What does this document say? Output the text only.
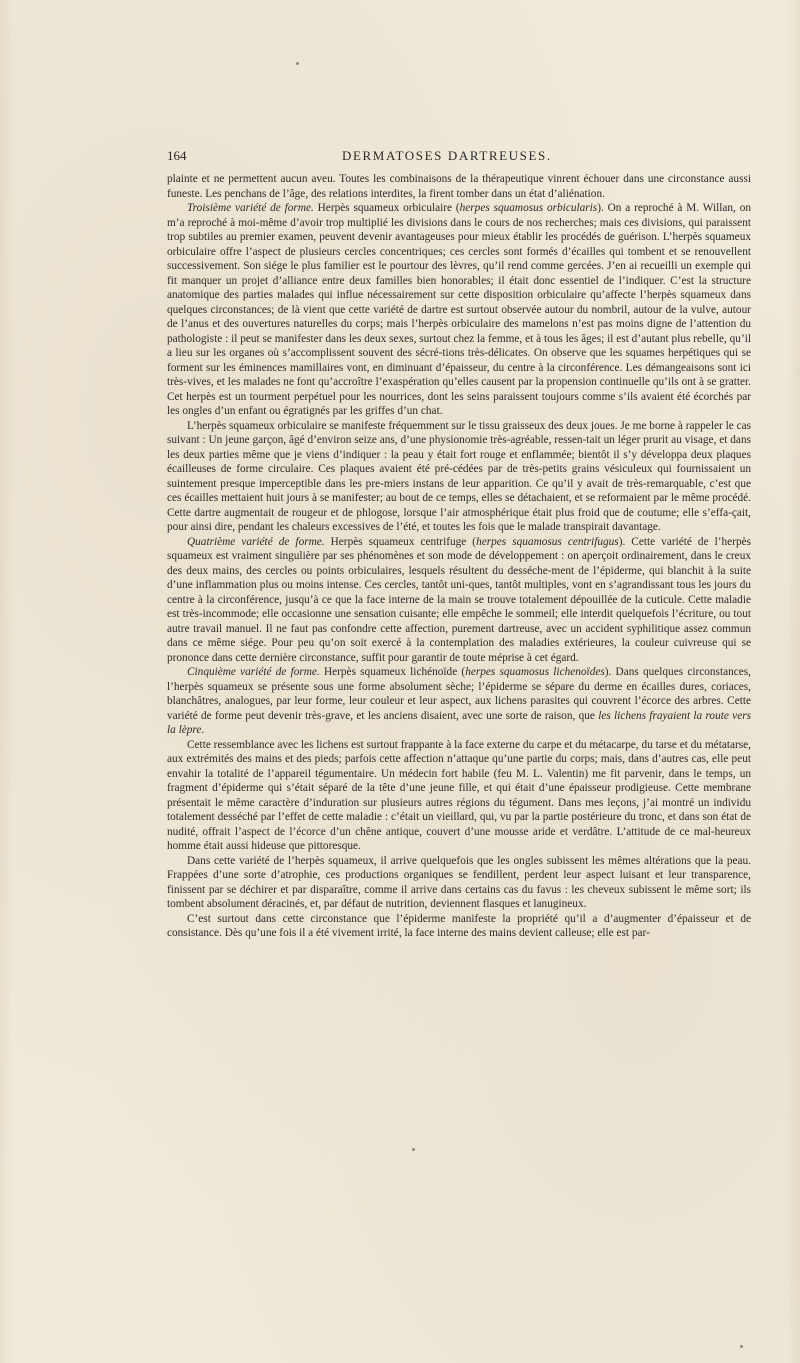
164	DERMATOSES DARTREUSES.

plainte et ne permettent aucun aveu. Toutes les combinaisons de la thérapeutique vinrent échouer dans une circonstance aussi funeste. Les penchans de l’âge, des relations interdites, la firent tomber dans un état d’aliénation.

Troisième variété de forme. Herpès squameux orbiculaire (herpes squamosus orbicularis). On a reproché à M. Willan, on m’a reproché à moi-même d’avoir trop multiplié les divisions dans le cours de nos recherches; mais ces divisions, qui paraissent trop subtiles au premier examen, peuvent devenir avantageuses pour mieux établir les procédés de guérison. L’herpès squameux orbiculaire offre l’aspect de plusieurs cercles concentriques; ces cercles sont formés d’écailles qui tombent et se renouvellent successivement. Son siége le plus familier est le pourtour des lèvres, qu’il rend comme gercées. J’en ai recueilli un exemple qui fit manquer un projet d’alliance entre deux familles bien honorables; il était donc essentiel de l’indiquer. C’est la structure anatomique des parties malades qui influe nécessairement sur cette disposition orbiculaire qu’affecte l’herpès squameux dans quelques circonstances; de là vient que cette variété de dartre est surtout observée autour du nombril, autour de la vulve, autour de l’anus et des ouvertures naturelles du corps; mais l’herpès orbiculaire des mamelons n’est pas moins digne de l’attention du pathologiste : il peut se manifester dans les deux sexes, surtout chez la femme, et à tous les âges; il est d’autant plus rebelle, qu’il a lieu sur les organes où s’accomplissent souvent des sécré-tions très-délicates. On observe que les squames herpétiques qui se forment sur les éminences mamillaires vont, en diminuant d’épaisseur, du centre à la circonférence. Les démangeaisons sont ici très-vives, et les malades ne font qu’accroître l’exaspération qu’elles causent par la propension continuelle qu’ils ont à se gratter. Cet herpès est un tourment perpétuel pour les nourrices, dont les seins paraissent toujours comme s’ils avaient été écorchés par les ongles d’un enfant ou égratignés par les griffes d’un chat.

L’herpès squameux orbiculaire se manifeste fréquemment sur le tissu graisseux des deux joues. Je me borne à rappeler le cas suivant : Un jeune garçon, âgé d’environ seize ans, d’une physionomie très-agréable, ressen-tait un léger prurit au visage, et dans les deux parties même que je viens d’indiquer : la peau y était fort rouge et enflammée; bientôt il s’y développa deux plaques écailleuses de forme circulaire. Ces plaques avaient été pré-cédées par de très-petits grains vésiculeux qui fournissaient un suintement presque imperceptible dans les pre-miers instans de leur apparition. Ce qu’il y avait de très-remarquable, c’est que ces écailles mettaient huit jours à se manifester; au bout de ce temps, elles se détachaient, et se reformaient par le même procédé. Cette dartre augmentait de rougeur et de phlogose, lorsque l’air atmosphérique était plus froid que de coutume; elle s’effa-çait, pour ainsi dire, pendant les chaleurs excessives de l’été, et toutes les fois que le malade transpirait davantage.

Quatrième variété de forme. Herpès squameux centrifuge (herpes squamosus centrifugus). Cette variété de l’herpès squameux est vraiment singulière par ses phénomènes et son mode de développement : on aperçoit ordinairement, dans le creux des deux mains, des cercles ou points orbiculaires, lesquels résultent du desséche-ment de l’épiderme, qui blanchit à la suite d’une inflammation plus ou moins intense. Ces cercles, tantôt uni-ques, tantôt multiples, vont en s’agrandissant tous les jours du centre à la circonférence, jusqu’à ce que la face interne de la main se trouve totalement dépouillée de la cuticule. Cette maladie est très-incommode; elle occasionne une sensation cuisante; elle empêche le sommeil; elle interdit quelquefois l’écriture, ou tout autre travail manuel. Il ne faut pas confondre cette affection, purement dartreuse, avec un accident syphilitique assez commun dans ce même siége. Pour peu qu’on soit exercé à la contemplation des maladies extérieures, la couleur cuivreuse qui se prononce dans cette dernière circonstance, suffit pour garantir de toute méprise à cet égard.

Cinquième variété de forme. Herpès squameux lichénoïde (herpes squamosus lichenoïdes). Dans quelques circonstances, l’herpès squameux se présente sous une forme absolument sèche; l’épiderme se sépare du derme en écailles dures, coriaces, blanchâtres, analogues, par leur forme, leur couleur et leur aspect, aux lichens parasites qui couvrent l’écorce des arbres. Cette variété de forme peut devenir très-grave, et les anciens disaient, avec une sorte de raison, que les lichens frayaient la route vers la lèpre.

Cette ressemblance avec les lichens est surtout frappante à la face externe du carpe et du métacarpe, du tarse et du métatarse, aux extrémités des mains et des pieds; parfois cette affection n’attaque qu’une partie du corps; mais, dans d’autres cas, elle peut envahir la totalité de l’appareil tégumentaire. Un médecin fort habile (feu M. L. Valentin) me fit parvenir, dans le temps, un fragment d’épiderme qui s’était séparé de la tête d’une jeune fille, et qui était d’une épaisseur prodigieuse. Cette membrane présentait le même caractère d’induration sur plusieurs autres régions du tégument. Dans mes leçons, j’ai montré un individu totalement desséché par l’effet de cette maladie : c’était un vieillard, qui, vu par la partie postérieure du tronc, et dans son état de nudité, offrait l’aspect de l’écorce d’un chêne antique, couvert d’une mousse aride et verdâtre. L’attitude de ce mal-heureux homme était aussi hideuse que pittoresque.

Dans cette variété de l’herpès squameux, il arrive quelquefois que les ongles subissent les mêmes altérations que la peau. Frappées d’une sorte d’atrophie, ces productions organiques se fendillent, perdent leur aspect luisant et leur transparence, finissent par se déchirer et par disparaître, comme il arrive dans certains cas du favus : les cheveux subissent le même sort; ils tombent absolument déracinés, et, par défaut de nutrition, deviennent flasques et lanugineux.

C’est surtout dans cette circonstance que l’épiderme manifeste la propriété qu’il a d’augmenter d’épaisseur et de consistance. Dès qu’une fois il a été vivement irrité, la face interne des mains devient calleuse; elle est par-
